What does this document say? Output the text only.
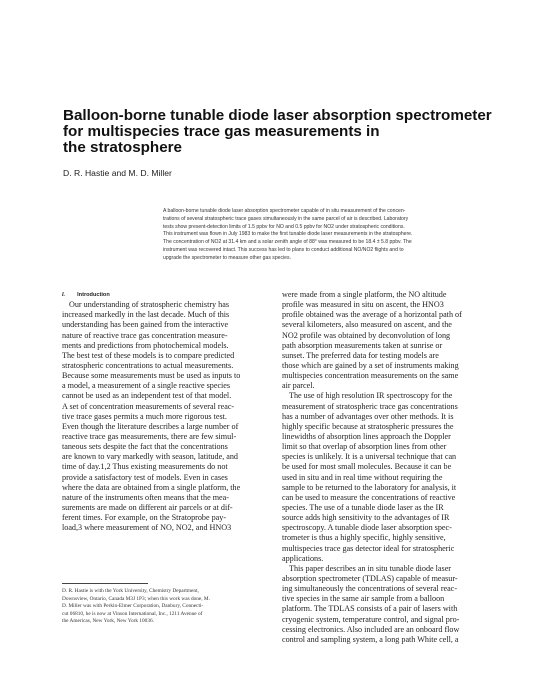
Balloon-borne tunable diode laser absorption spectrometer
for multispecies trace gas measurements in
the stratosphere
D. R. Hastie and M. D. Miller
A balloon-borne tunable diode laser absorption spectrometer capable of in situ measurement of the concen-
trations of several stratospheric trace gases simultaneously in the same parcel of air is described. Laboratory
tests show present-detection limits of 1.5 ppbv for NO and 0.5 ppbv for NO2 under stratospheric conditions.
This instrument was flown in July 1983 to make the first tunable diode laser measurements in the stratosphere.
The concentration of NO2 at 31.4 km and a solar zenith angle of 88° was measured to be 18.4 ± 5.8 ppbv. The
instrument was recovered intact. This success has led to plans to conduct additional NO/NO2 flights and to
upgrade the spectrometer to measure other gas species.
I. Introduction
Our understanding of stratospheric chemistry has
increased markedly in the last decade. Much of this
understanding has been gained from the interactive
nature of reactive trace gas concentration measure-
ments and predictions from photochemical models.
The best test of these models is to compare predicted
stratospheric concentrations to actual measurements.
Because some measurements must be used as inputs to
a model, a measurement of a single reactive species
cannot be used as an independent test of that model.
A set of concentration measurements of several reac-
tive trace gases permits a much more rigorous test.
Even though the literature describes a large number of
reactive trace gas measurements, there are few simul-
taneous sets despite the fact that the concentrations
are known to vary markedly with season, latitude, and
time of day.1,2 Thus existing measurements do not
provide a satisfactory test of models. Even in cases
where the data are obtained from a single platform, the
nature of the instruments often means that the mea-
surements are made on different air parcels or at dif-
ferent times. For example, on the Stratoprobe pay-
load,3 where measurement of NO, NO2, and HNO3
were made from a single platform, the NO altitude
profile was measured in situ on ascent, the HNO3
profile obtained was the average of a horizontal path of
several kilometers, also measured on ascent, and the
NO2 profile was obtained by deconvolution of long
path absorption measurements taken at sunrise or
sunset. The preferred data for testing models are
those which are gained by a set of instruments making
multispecies concentration measurements on the same
air parcel.
The use of high resolution IR spectroscopy for the
measurement of stratospheric trace gas concentrations
has a number of advantages over other methods. It is
highly specific because at stratospheric pressures the
linewidths of absorption lines approach the Doppler
limit so that overlap of absorption lines from other
species is unlikely. It is a universal technique that can
be used for most small molecules. Because it can be
used in situ and in real time without requiring the
sample to be returned to the laboratory for analysis, it
can be used to measure the concentrations of reactive
species. The use of a tunable diode laser as the IR
source adds high sensitivity to the advantages of IR
spectroscopy. A tunable diode laser absorption spec-
trometer is thus a highly specific, highly sensitive,
multispecies trace gas detector ideal for stratospheric
applications.
This paper describes an in situ tunable diode laser
absorption spectrometer (TDLAS) capable of measur-
ing simultaneously the concentrations of several reac-
tive species in the same air sample from a balloon
platform. The TDLAS consists of a pair of lasers with
cryogenic system, temperature control, and signal pro-
cessing electronics. Also included are an onboard flow
control and sampling system, a long path White cell, a
D. R. Hastie is with the York University, Chemistry Department,
Downsview, Ontario, Canada M3J 1P3; when this work was done, M.
D. Miller was with Perkin-Elmer Corporation, Danbury, Connecti-
cut 06810, he is now at Vinson International, Inc., 1211 Avenue of
the Americas, New York, New York 10036.
